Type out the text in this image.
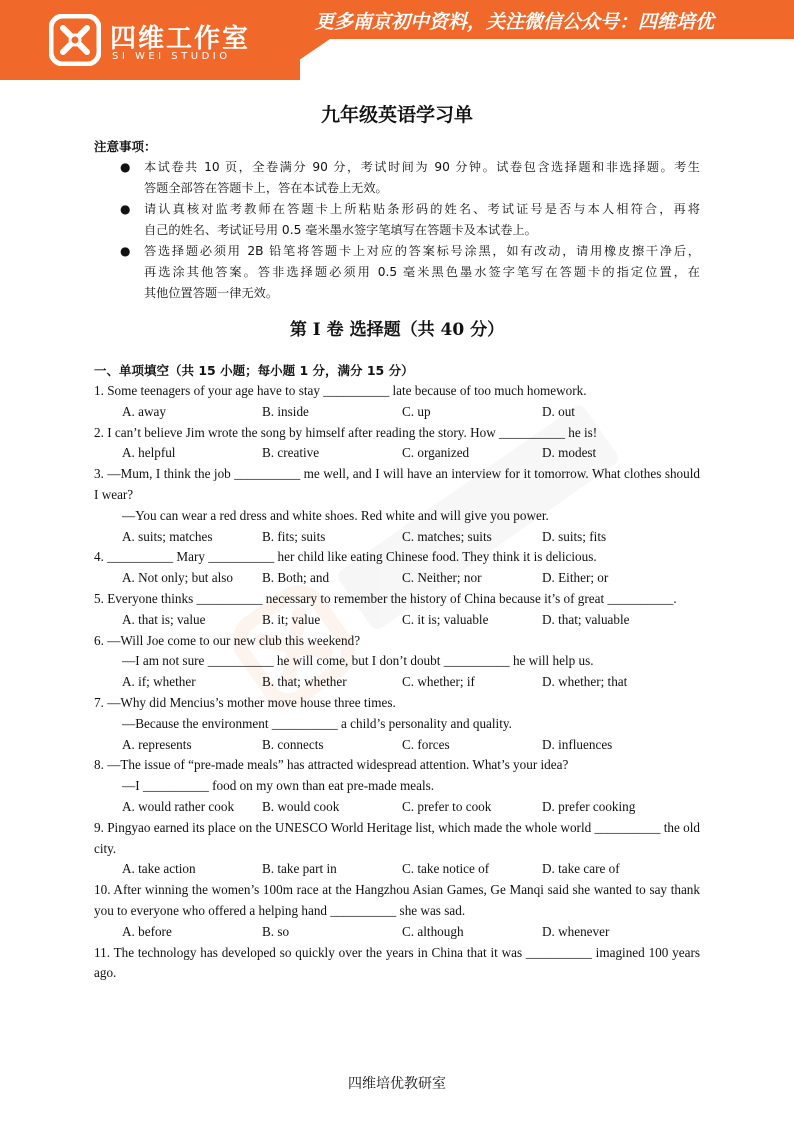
四维工作室
SI WEI STUDIO
更多南京初中资料，关注微信公众号：四维培优
九年级英语学习单
注意事项：
● 本试卷共 10 页，全卷满分 90 分，考试时间为 90 分钟。试卷包含选择题和非选择题。考生
答题全部答在答题卡上，答在本试卷上无效。
● 请认真核对监考教师在答题卡上所粘贴条形码的姓名、考试证号是否与本人相符合，再将
自己的姓名、考试证号用 0.5 毫米墨水签字笔填写在答题卡及本试卷上。
● 答选择题必须用 2B 铅笔将答题卡上对应的答案标号涂黑，如有改动，请用橡皮擦干净后，
再选涂其他答案。答非选择题必须用 0.5 毫米黑色墨水签字笔写在答题卡的指定位置，在
其他位置答题一律无效。
第 I 卷 选择题（共 40 分）
一、单项填空（共 15 小题；每小题 1 分，满分 15 分）

1. Some teenagers of your age have to stay __________ late because of too much homework.

A. away	B. inside	C. up	D. out

2. I can’t believe Jim wrote the song by himself after reading the story. How __________ he is!

A. helpful	B. creative	C. organized	D. modest

3. —Mum, I think the job __________ me well, and I will have an interview for it tomorrow. What clothes should I wear?

—You can wear a red dress and white shoes. Red white and will give you power.

A. suits; matches	B. fits; suits	C. matches; suits	D. suits; fits

4. __________ Mary __________ her child like eating Chinese food. They think it is delicious.

A. Not only; but also	B. Both; and	C. Neither; nor	D. Either; or

5. Everyone thinks __________ necessary to remember the history of China because it’s of great __________.

A. that is; value	B. it; value	C. it is; valuable	D. that; valuable

6. —Will Joe come to our new club this weekend?

—I am not sure __________ he will come, but I don’t doubt __________ he will help us.

A. if; whether	B. that; whether	C. whether; if	D. whether; that

7. —Why did Mencius’s mother move house three times.

—Because the environment __________ a child’s personality and quality.

A. represents	B. connects	C. forces	D. influences

8. —The issue of “pre-made meals” has attracted widespread attention. What’s your idea?

—I __________ food on my own than eat pre-made meals.

A. would rather cook	B. would cook	C. prefer to cook	D. prefer cooking

9. Pingyao earned its place on the UNESCO World Heritage list, which made the whole world __________ the old city.

A. take action	B. take part in	C. take notice of	D. take care of

10. After winning the women’s 100m race at the Hangzhou Asian Games, Ge Manqi said she wanted to say thank you to everyone who offered a helping hand __________ she was sad.

A. before	B. so	C. although	D. whenever

11. The technology has developed so quickly over the years in China that it was __________ imagined 100 years ago.

四维培优教研室
